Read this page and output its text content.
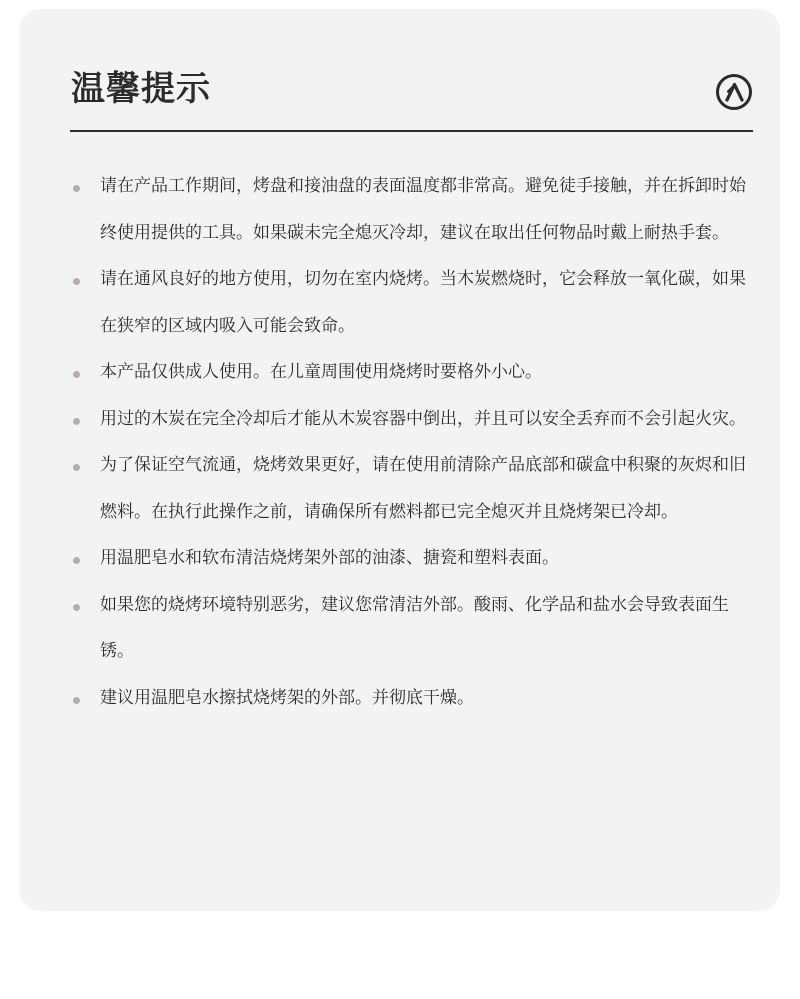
温馨提示
请在产品工作期间，烤盘和接油盘的表面温度都非常高。避免徒手接触，并在拆卸时始终使用提供的工具。如果碳未完全熄灭冷却，建议在取出任何物品时戴上耐热手套。
请在通风良好的地方使用，切勿在室内烧烤。当木炭燃烧时，它会释放一氧化碳，如果在狭窄的区域内吸入可能会致命。
本产品仅供成人使用。在儿童周围使用烧烤时要格外小心。
用过的木炭在完全冷却后才能从木炭容器中倒出，并且可以安全丢弃而不会引起火灾。
为了保证空气流通，烧烤效果更好，请在使用前清除产品底部和碳盒中积聚的灰烬和旧燃料。在执行此操作之前，请确保所有燃料都已完全熄灭并且烧烤架已冷却。
用温肥皂水和软布清洁烧烤架外部的油漆、搪瓷和塑料表面。
如果您的烧烤环境特别恶劣，建议您常清洁外部。酸雨、化学品和盐水会导致表面生锈。
建议用温肥皂水擦拭烧烤架的外部。并彻底干燥。
